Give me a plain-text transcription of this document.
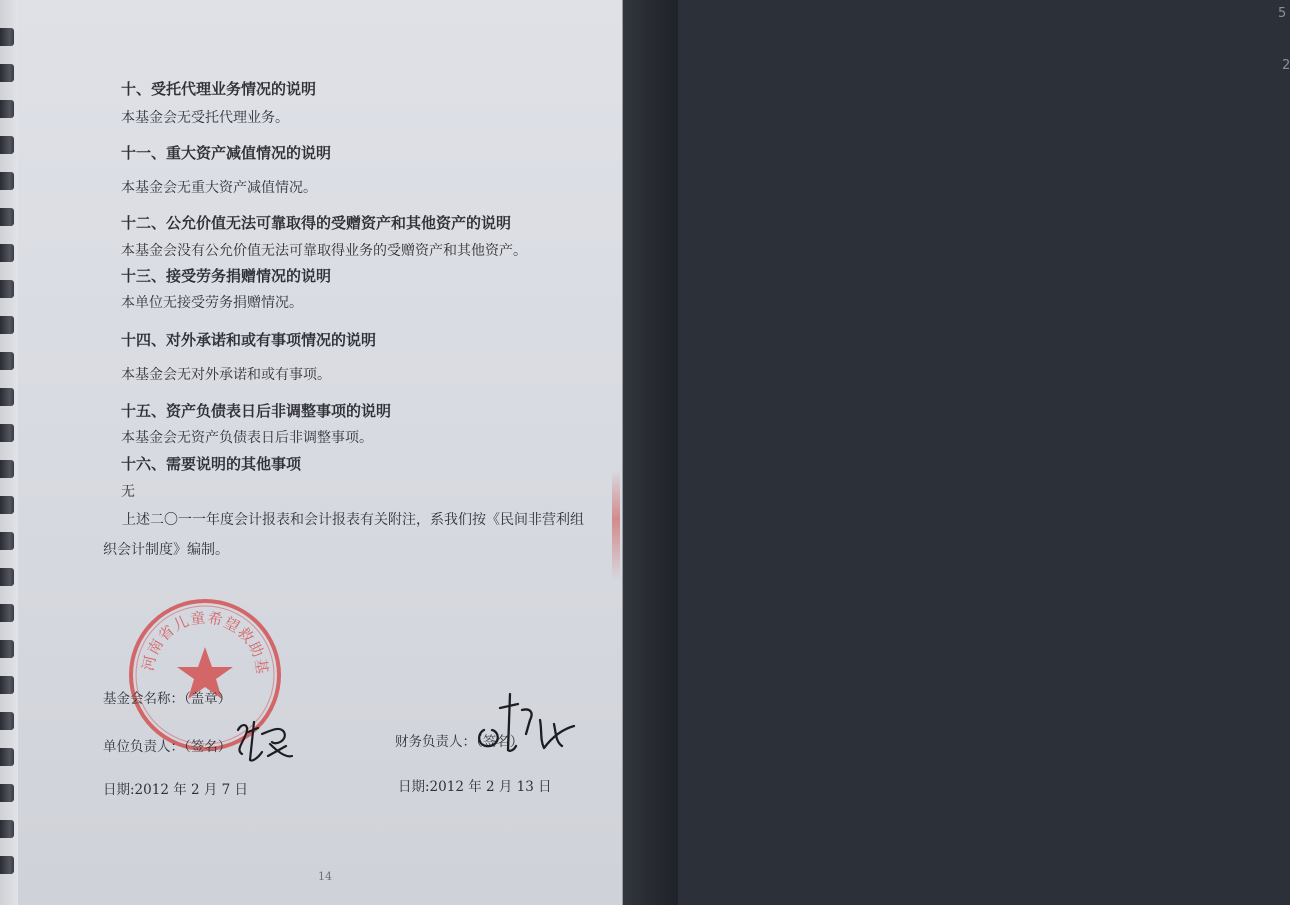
5
2

十、受托代理业务情况的说明

本基金会无受托代理业务。

十一、重大资产减值情况的说明

本基金会无重大资产减值情况。

十二、公允价值无法可靠取得的受赠资产和其他资产的说明

本基金会没有公允价值无法可靠取得业务的受赠资产和其他资产。

十三、接受劳务捐赠情况的说明

本单位无接受劳务捐赠情况。

十四、对外承诺和或有事项情况的说明

本基金会无对外承诺和或有事项。

十五、资产负债表日后非调整事项的说明

本基金会无资产负债表日后非调整事项。

十六、需要说明的其他事项

无

上述二〇一一年度会计报表和会计报表有关附注，系我们按《民间非营利组

织会计制度》编制。

河南省儿童希望救助基金会

基金会名称：（盖章）

单位负责人：（签名）	财务负责人：（签名）

日期:2012 年 2 月 7 日	日期:2012 年 2 月 13 日

14
